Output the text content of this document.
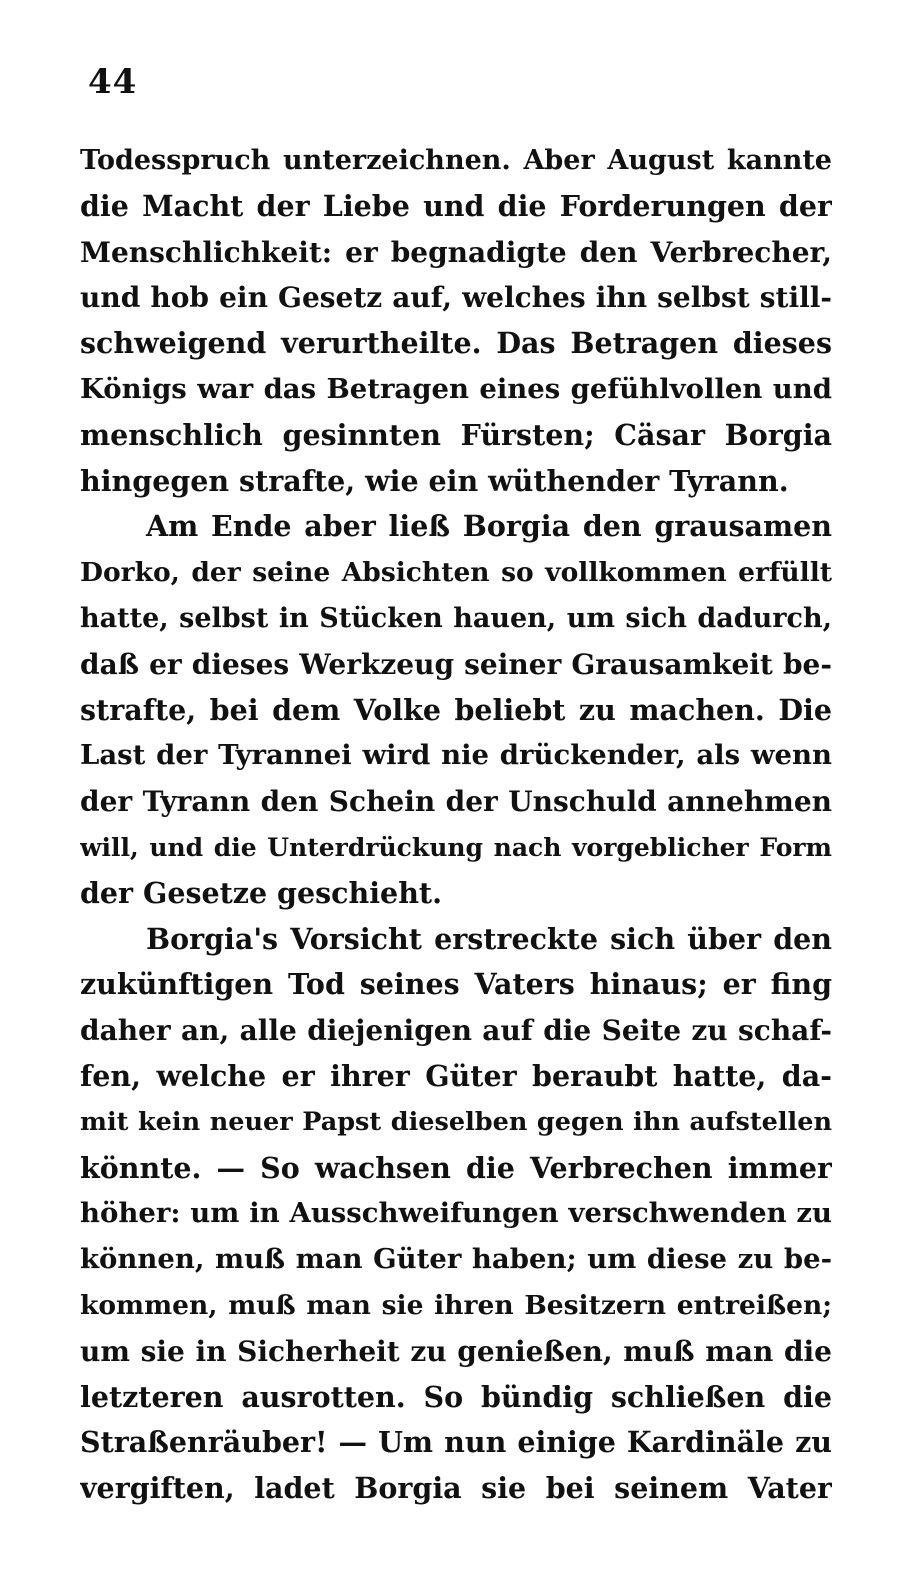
44
Todesspruch unterzeichnen. Aber August kannte
die Macht der Liebe und die Forderungen der
Menschlichkeit: er begnadigte den Verbrecher,
und hob ein Gesetz auf, welches ihn selbst still-
schweigend verurtheilte. Das Betragen dieses
Königs war das Betragen eines gefühlvollen und
menschlich gesinnten Fürsten; Cäsar Borgia
hingegen strafte, wie ein wüthender Tyrann.
Am Ende aber ließ Borgia den grausamen
Dorko, der seine Absichten so vollkommen erfüllt
hatte, selbst in Stücken hauen, um sich dadurch,
daß er dieses Werkzeug seiner Grausamkeit be-
strafte, bei dem Volke beliebt zu machen. Die
Last der Tyrannei wird nie drückender, als wenn
der Tyrann den Schein der Unschuld annehmen
will, und die Unterdrückung nach vorgeblicher Form
der Gesetze geschieht.
Borgia's Vorsicht erstreckte sich über den
zukünftigen Tod seines Vaters hinaus; er fing
daher an, alle diejenigen auf die Seite zu schaf-
fen, welche er ihrer Güter beraubt hatte, da-
mit kein neuer Papst dieselben gegen ihn aufstellen
könnte. — So wachsen die Verbrechen immer
höher: um in Ausschweifungen verschwenden zu
können, muß man Güter haben; um diese zu be-
kommen, muß man sie ihren Besitzern entreißen;
um sie in Sicherheit zu genießen, muß man die
letzteren ausrotten. So bündig schließen die
Straßenräuber! — Um nun einige Kardinäle zu
vergiften, ladet Borgia sie bei seinem Vater
